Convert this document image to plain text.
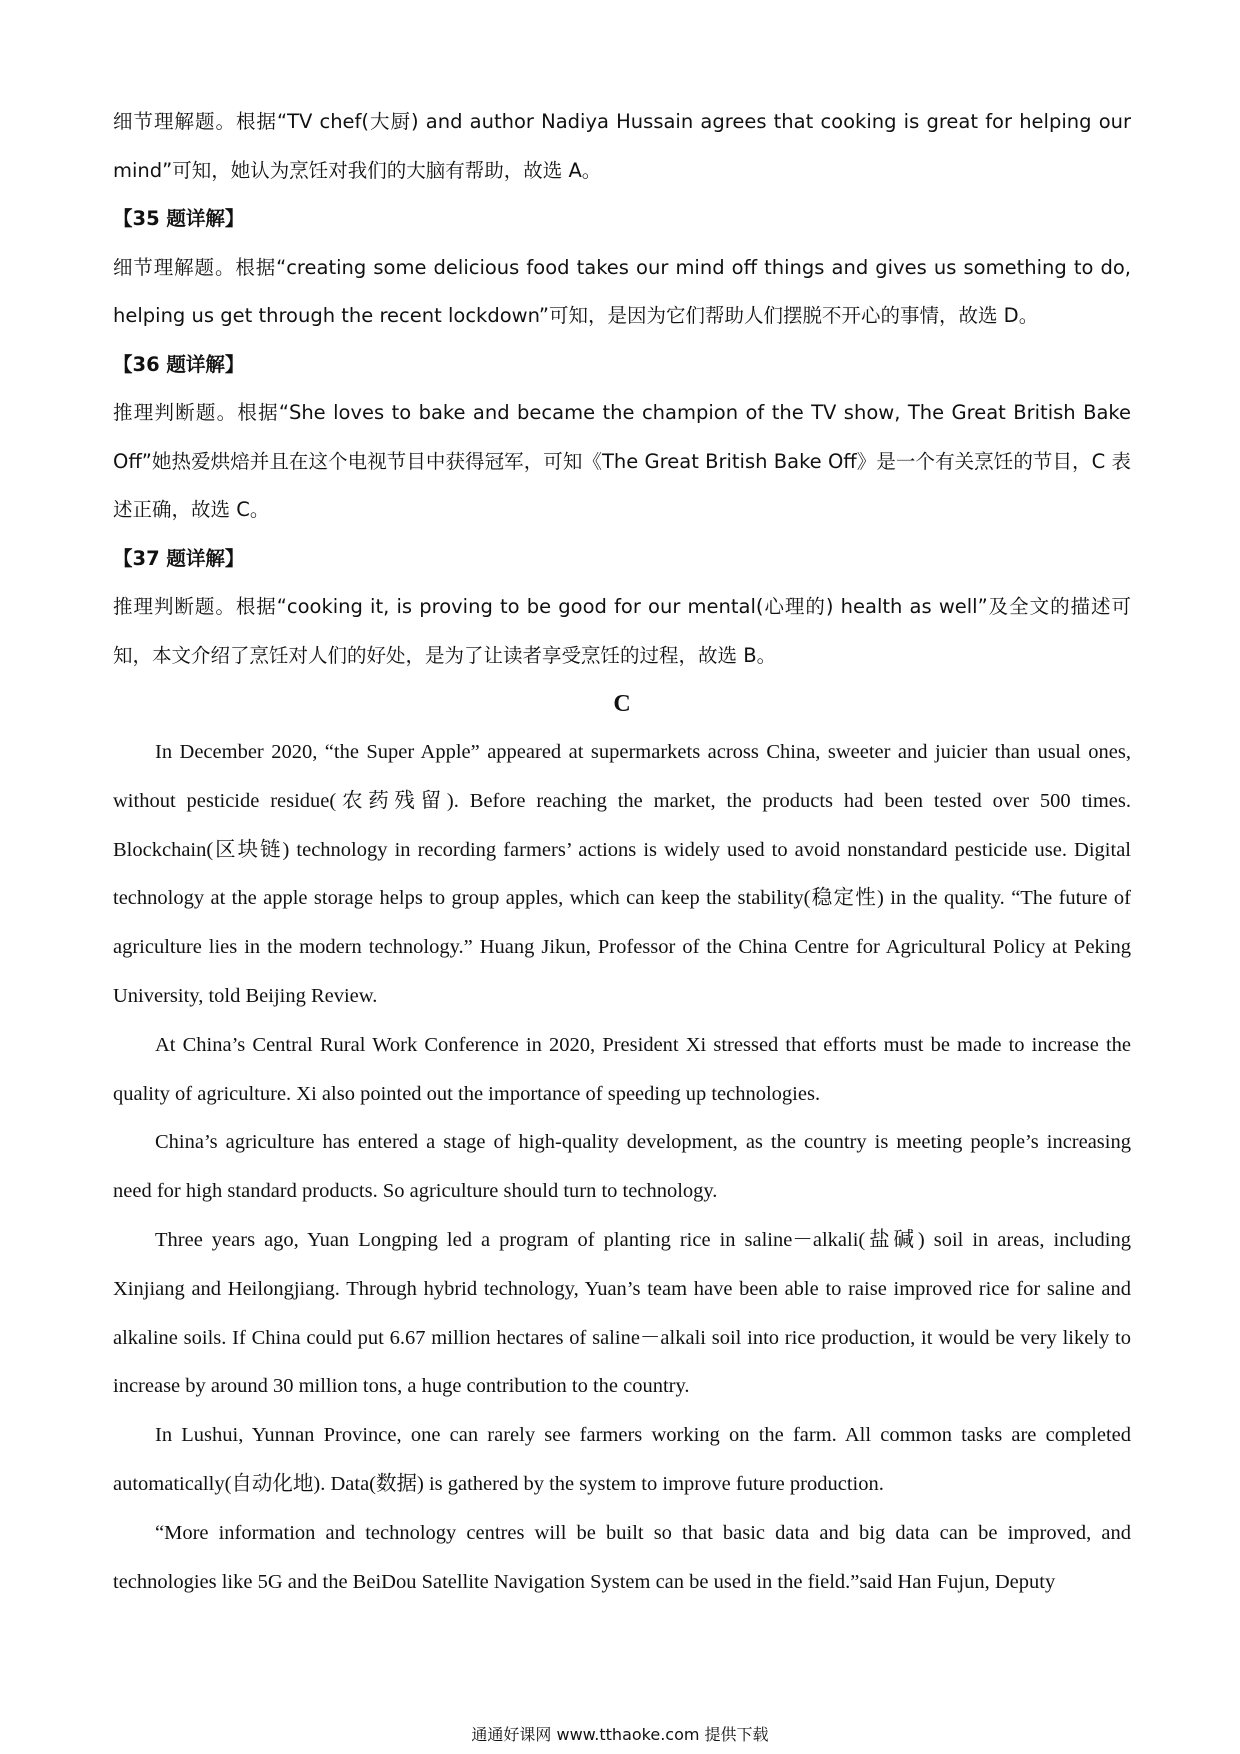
细节理解题。根据“TV chef(大厨) and author Nadiya Hussain agrees that cooking is great for helping our mind”可知，她认为烹饪对我们的大脑有帮助，故选 A。

【35 题详解】

细节理解题。根据“creating some delicious food takes our mind off things and gives us something to do, helping us get through the recent lockdown”可知，是因为它们帮助人们摆脱不开心的事情，故选 D。

【36 题详解】

推理判断题。根据“She loves to bake and became the champion of the TV show, The Great British Bake Off”她热爱烘焙并且在这个电视节目中获得冠军，可知《The Great British Bake Off》是一个有关烹饪的节目，C 表述正确，故选 C。

【37 题详解】

推理判断题。根据“cooking it, is proving to be good for our mental(心理的) health as well”及全文的描述可知，本文介绍了烹饪对人们的好处，是为了让读者享受烹饪的过程，故选 B。

C

In December 2020, “the Super Apple” appeared at supermarkets across China, sweeter and juicier than usual ones, without pesticide residue(农药残留). Before reaching the market, the products had been tested over 500 times. Blockchain(区块链) technology in recording farmers’ actions is widely used to avoid nonstandard pesticide use. Digital technology at the apple storage helps to group apples, which can keep the stability(稳定性) in the quality. “The future of agriculture lies in the modern technology.” Huang Jikun, Professor of the China Centre for Agricultural Policy at Peking University, told Beijing Review.

At China’s Central Rural Work Conference in 2020, President Xi stressed that efforts must be made to increase the quality of agriculture. Xi also pointed out the importance of speeding up technologies.

China’s agriculture has entered a stage of high-quality development, as the country is meeting people’s increasing need for high standard products. So agriculture should turn to technology.

Three years ago, Yuan Longping led a program of planting rice in saline－alkali(盐碱) soil in areas, including Xinjiang and Heilongjiang. Through hybrid technology, Yuan’s team have been able to raise improved rice for saline and alkaline soils. If China could put 6.67 million hectares of saline－alkali soil into rice production, it would be very likely to increase by around 30 million tons, a huge contribution to the country.

In Lushui, Yunnan Province, one can rarely see farmers working on the farm. All common tasks are completed automatically(自动化地). Data(数据) is gathered by the system to improve future production.

“More information and technology centres will be built so that basic data and big data can be improved, and technologies like 5G and the BeiDou Satellite Navigation System can be used in the field.”said Han Fujun, Deputy

通通好课网 www.tthaoke.com 提供下载
